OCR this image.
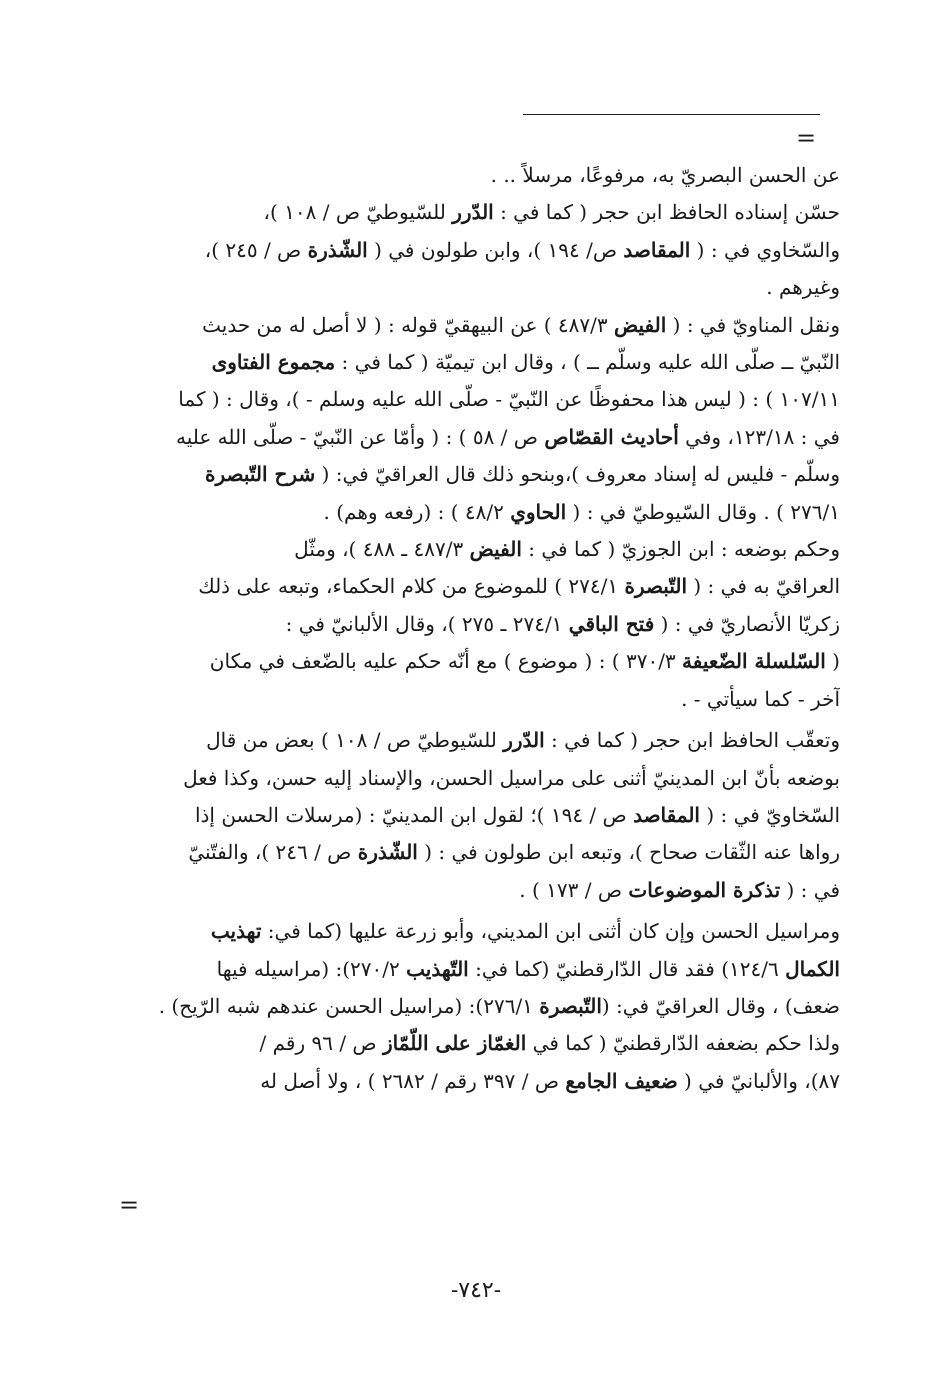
=
عن الحسن البصريّ به، مرفوعًا، مرسلاً .. .
حسّن إسناده الحافظ ابن حجر ( كما في : الدّرر للسّيوطيّ ص / ١٠٨ )،
والسّخاوي في : ( المقاصد ص/ ١٩٤ )، وابن طولون في ( الشّذرة ص / ٢٤٥ )،
وغيرهم .
ونقل المناويّ في : ( الفيض ٤٨٧/٣ ) عن البيهقيّ قوله : ( لا أصل له من حديث
النّبيّ ــ صلّى الله عليه وسلّم ــ ) ، وقال ابن تيميّة ( كما في : مجموع الفتاوى
١٠٧/١١ ) : ( ليس هذا محفوظًا عن النّبيّ - صلّى الله عليه وسلم - )، وقال : ( كما
في : ١٢٣/١٨، وفي أحاديث القصّاص ص / ٥٨ ) : ( وأمّا عن النّبيّ - صلّى الله عليه
وسلّم - فليس له إسناد معروف )،وبنحو ذلك قال العراقيّ في: ( شرح التّبصرة
٢٧٦/١ ) . وقال السّيوطيّ في : ( الحاوي ٤٨/٢ ) : (رفعه وهم) .
وحكم بوضعه : ابن الجوزيّ ( كما في : الفيض ٤٨٧/٣ ـ ٤٨٨ )، ومثّل
العراقيّ به في : ( التّبصرة ٢٧٤/١ ) للموضوع من كلام الحكماء، وتبعه على ذلك
زكريّا الأنصاريّ في : ( فتح الباقي ٢٧٤/١ ـ ٢٧٥ )، وقال الألبانيّ في :
( السّلسلة الضّعيفة ٣٧٠/٣ ) : ( موضوع ) مع أنّه حكم عليه بالضّعف في مكان
آخر - كما سيأتي - .
وتعقّب الحافظ ابن حجر ( كما في : الدّرر للسّيوطيّ ص / ١٠٨ ) بعض من قال
بوضعه بأنّ ابن المدينيّ أثنى على مراسيل الحسن، والإسناد إليه حسن، وكذا فعل
السّخاويّ في : ( المقاصد ص / ١٩٤ )؛ لقول ابن المدينيّ : (مرسلات الحسن إذا
رواها عنه الثّقات صحاح )، وتبعه ابن طولون في : ( الشّذرة ص / ٢٤٦ )، والفتّنيّ
في : ( تذكرة الموضوعات ص / ١٧٣ ) .
ومراسيل الحسن وإن كان أثنى ابن المديني، وأبو زرعة عليها (كما في: تهذيب
الكمال ١٢٤/٦) فقد قال الدّارقطنيّ (كما في: التّهذيب ٢٧٠/٢): (مراسيله فيها
ضعف) ، وقال العراقيّ في: (التّبصرة ٢٧٦/١): (مراسيل الحسن عندهم شبه الرّيح) .
ولذا حكم بضعفه الدّارقطنيّ ( كما في الغمّاز على اللّمّاز ص / ٩٦ رقم /
٨٧)، والألبانيّ في ( ضعيف الجامع ص / ٣٩٧ رقم / ٢٦٨٢ ) ، ولا أصل له
=
-٧٤٢-
